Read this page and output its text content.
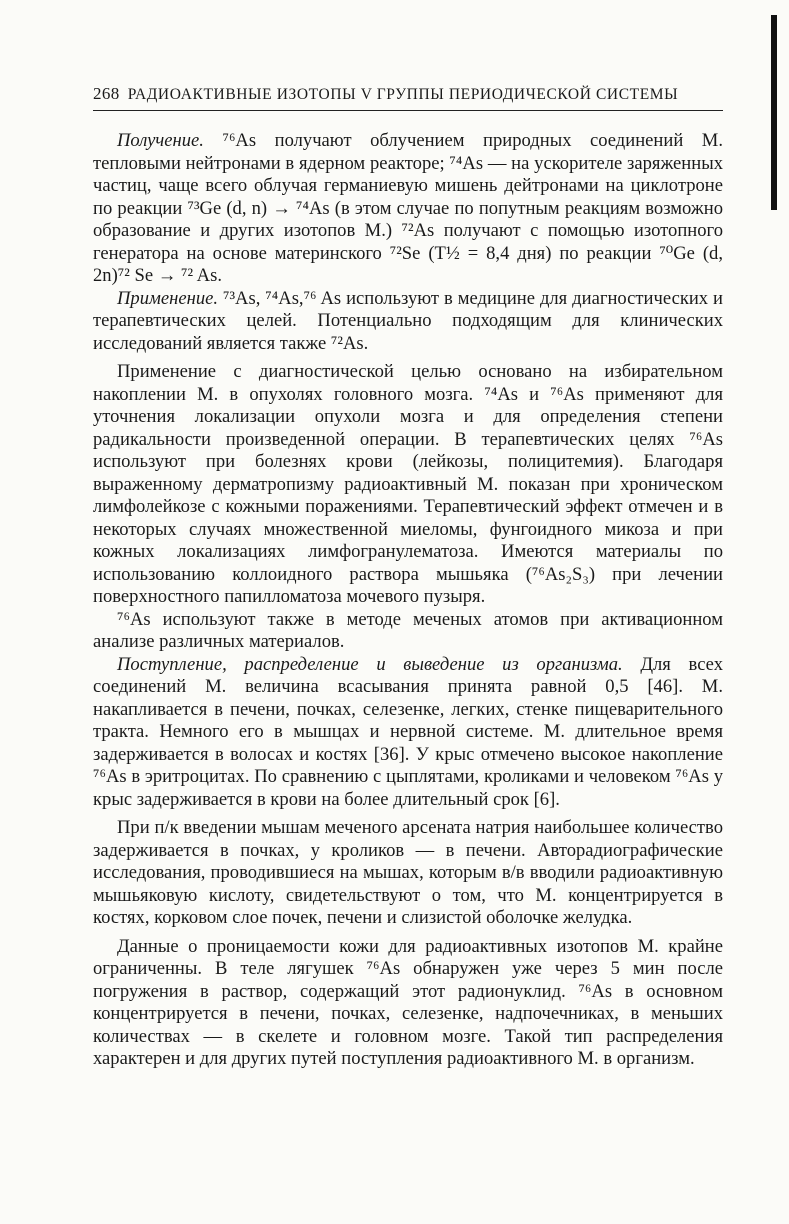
268 РАДИОАКТИВНЫЕ ИЗОТОПЫ V ГРУППЫ ПЕРИОДИЧЕСКОЙ СИСТЕМЫ

Получение. ⁷⁶As получают облучением природных соединений М. тепловыми нейтронами в ядерном реакторе; ⁷⁴As — на ускорителе заряженных частиц, чаще всего облучая германиевую мишень дейтронами на циклотроне по реакции ⁷³Ge (d, n) → ⁷⁴As (в этом случае по попутным реакциям возможно образование и других изотопов М.) ⁷²As получают с помощью изотопного генератора на основе материнского ⁷²Se (T½ = 8,4 дня) по реакции ⁷⁰Ge (d, 2n)⁷² Se → ⁷² As.

Применение. ⁷³As, ⁷⁴As,⁷⁶ As используют в медицине для диагностических и терапевтических целей. Потенциально подходящим для клинических исследований является также ⁷²As.

Применение с диагностической целью основано на избирательном накоплении М. в опухолях головного мозга. ⁷⁴As и ⁷⁶As применяют для уточнения локализации опухоли мозга и для определения степени радикальности произведенной операции. В терапевтических целях ⁷⁶As используют при болезнях крови (лейкозы, полицитемия). Благодаря выраженному дерматропизму радиоактивный М. показан при хроническом лимфолейкозе с кожными поражениями. Терапевтический эффект отмечен и в некоторых случаях множественной миеломы, фунгоидного микоза и при кожных локализациях лимфогранулематоза. Имеются материалы по использованию коллоидного раствора мышьяка (⁷⁶As₂S₃) при лечении поверхностного папилломатоза мочевого пузыря.

⁷⁶As используют также в методе меченых атомов при активационном анализе различных материалов.

Поступление, распределение и выведение из организма. Для всех соединений М. величина всасывания принята равной 0,5 [46]. М. накапливается в печени, почках, селезенке, легких, стенке пищеварительного тракта. Немного его в мышцах и нервной системе. М. длительное время задерживается в волосах и костях [36]. У крыс отмечено высокое накопление ⁷⁶As в эритроцитах. По сравнению с цыплятами, кроликами и человеком ⁷⁶As у крыс задерживается в крови на более длительный срок [6].

При п/к введении мышам меченого арсената натрия наибольшее количество задерживается в почках, у кроликов — в печени. Авторадиографические исследования, проводившиеся на мышах, которым в/в вводили радиоактивную мышьяковую кислоту, свидетельствуют о том, что М. концентрируется в костях, корковом слое почек, печени и слизистой оболочке желудка.

Данные о проницаемости кожи для радиоактивных изотопов М. крайне ограниченны. В теле лягушек ⁷⁶As обнаружен уже через 5 мин после погружения в раствор, содержащий этот радионуклид. ⁷⁶As в основном концентрируется в печени, почках, селезенке, надпочечниках, в меньших количествах — в скелете и головном мозге. Такой тип распределения характерен и для других путей поступления радиоактивного М. в организм.
